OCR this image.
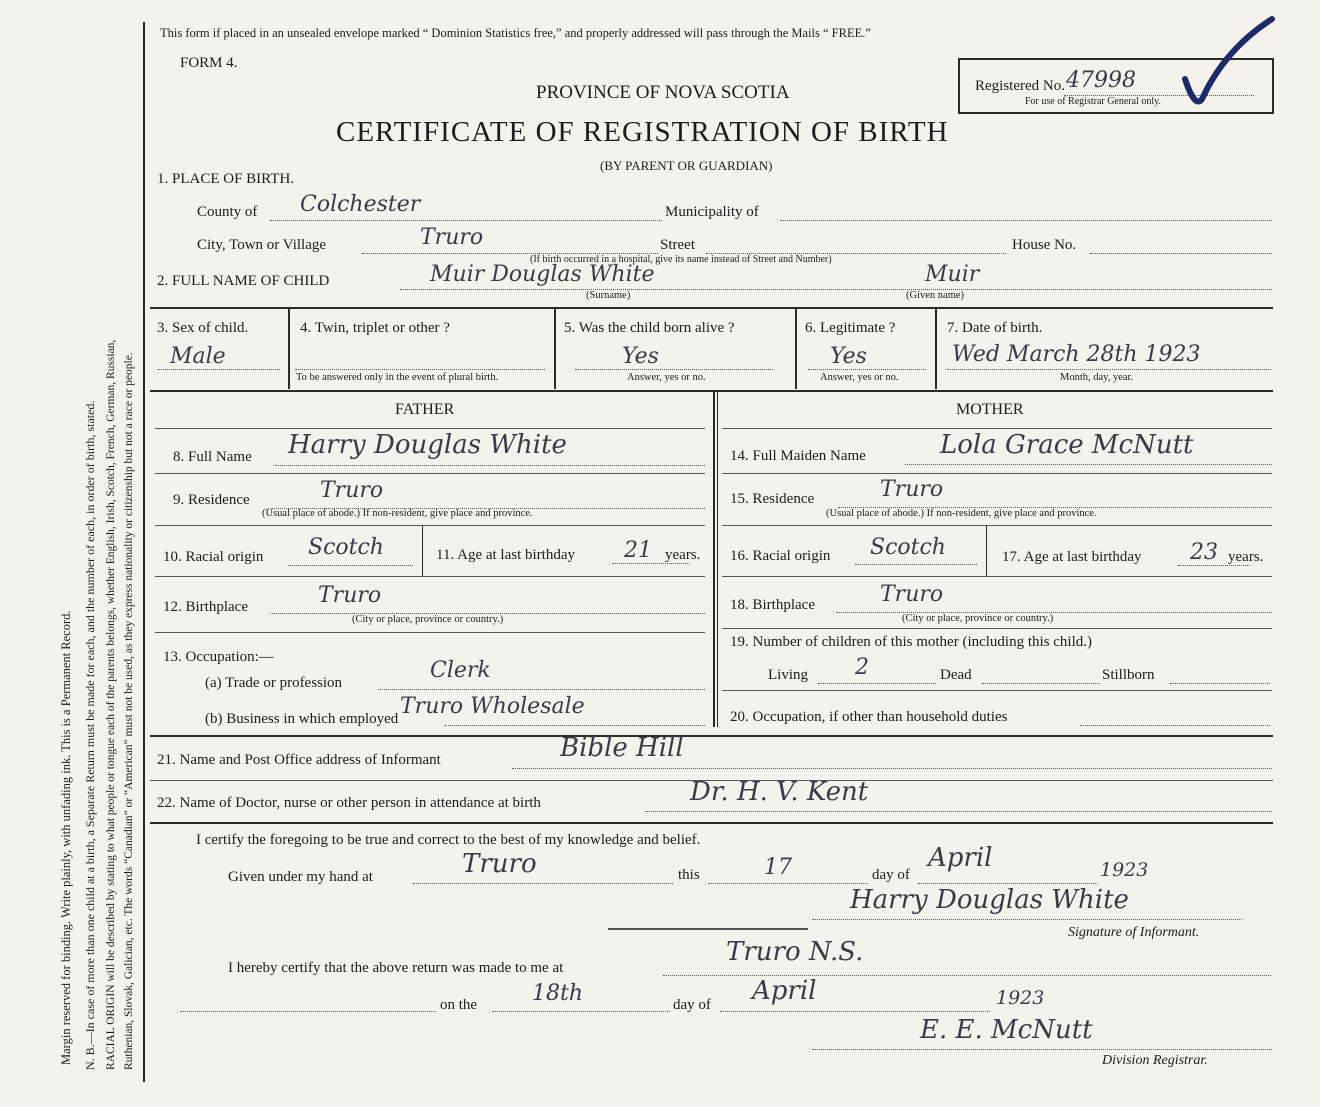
Margin reserved for binding. Write plainly, with unfading ink. This is a Permanent Record. N. B.—In case of more than one child at a birth, a Separate Return must be made for each, and the number of each, in order of birth, stated. RACIAL ORIGIN will be described by stating to what people or tongue each of the parents belongs, whether English, Irish, Scotch, French, German, Russian, Ruthenian, Slovak, Galician, etc. The words “Canadian” or “American” must not be used, as they express nationality or citizenship but not a race or people.
This form if placed in an unsealed envelope marked “ Dominion Statistics free,” and properly addressed will pass through the Mails “ FREE.”
FORM 4.
PROVINCE OF NOVA SCOTIA
CERTIFICATE OF REGISTRATION OF BIRTH
(BY PARENT OR GUARDIAN)
Registered No. 47998
For use of Registrar General only.
1. PLACE OF BIRTH.
County of Colchester	Municipality of
City, Town or Village	Truro	Street	House No.
(If birth occurred in a hospital, give its name instead of Street and Number)
2. FULL NAME OF CHILD	Muir Douglas White	Muir
(Surname)	(Given name)
3. Sex of child.
Male
4. Twin, triplet or other ?
To be answered only in the event of plural birth.
5. Was the child born alive ?
Yes
Answer, yes or no.
6. Legitimate ?
Yes
Answer, yes or no.
7. Date of birth.
Wed March 28th 1923
Month, day, year.
FATHER
8. Full Name Harry Douglas White
9. Residence	Truro
(Usual place of abode.) If non-resident, give place and province.
10. Racial origin Scotch	11. Age at last birthday 21 years.
12. Birthplace	Truro
(City or place, province or country.)
13. Occupation:—
(a) Trade or profession	Clerk
(b) Business in which employed Truro Wholesale
MOTHER
14. Full Maiden Name	Lola Grace McNutt
15. Residence	Truro
(Usual place of abode.) If non-resident, give place and province.
16. Racial origin Scotch	17. Age at last birthday 23 years.
18. Birthplace	Truro
(City or place, province or country.)
19. Number of children of this mother (including this child.)
Living 2	Dead	Stillborn
20. Occupation, if other than household duties
21. Name and Post Office address of Informant	Bible Hill
22. Name of Doctor, nurse or other person in attendance at birth	Dr. H. V. Kent
I certify the foregoing to be true and correct to the best of my knowledge and belief.
Given under my hand at	Truro	this	17	day of
April	1923
Harry Douglas White
Signature of Informant.
I hereby certify that the above return was made to me at
Truro N.S.
on the 18th	day of April	1923
E. E. McNutt
Division Registrar.
